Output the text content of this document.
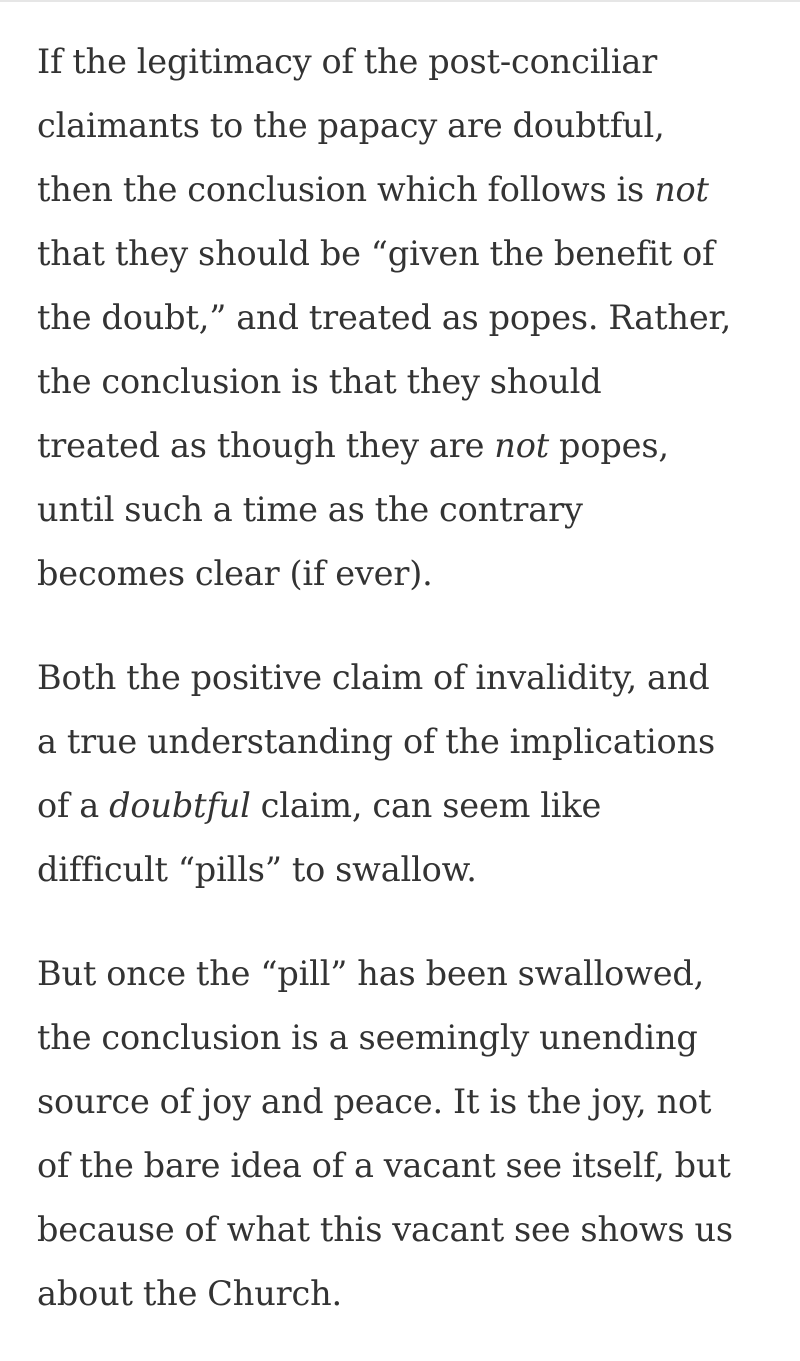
If the legitimacy of the post-conciliar
claimants to the papacy are doubtful,
then the conclusion which follows is not
that they should be “given the benefit of
the doubt,” and treated as popes. Rather,
the conclusion is that they should
treated as though they are not popes,
until such a time as the contrary
becomes clear (if ever).

Both the positive claim of invalidity, and
a true understanding of the implications
of a doubtful claim, can seem like
difficult “pills” to swallow.

But once the “pill” has been swallowed,
the conclusion is a seemingly unending
source of joy and peace. It is the joy, not
of the bare idea of a vacant see itself, but
because of what this vacant see shows us
about the Church.
